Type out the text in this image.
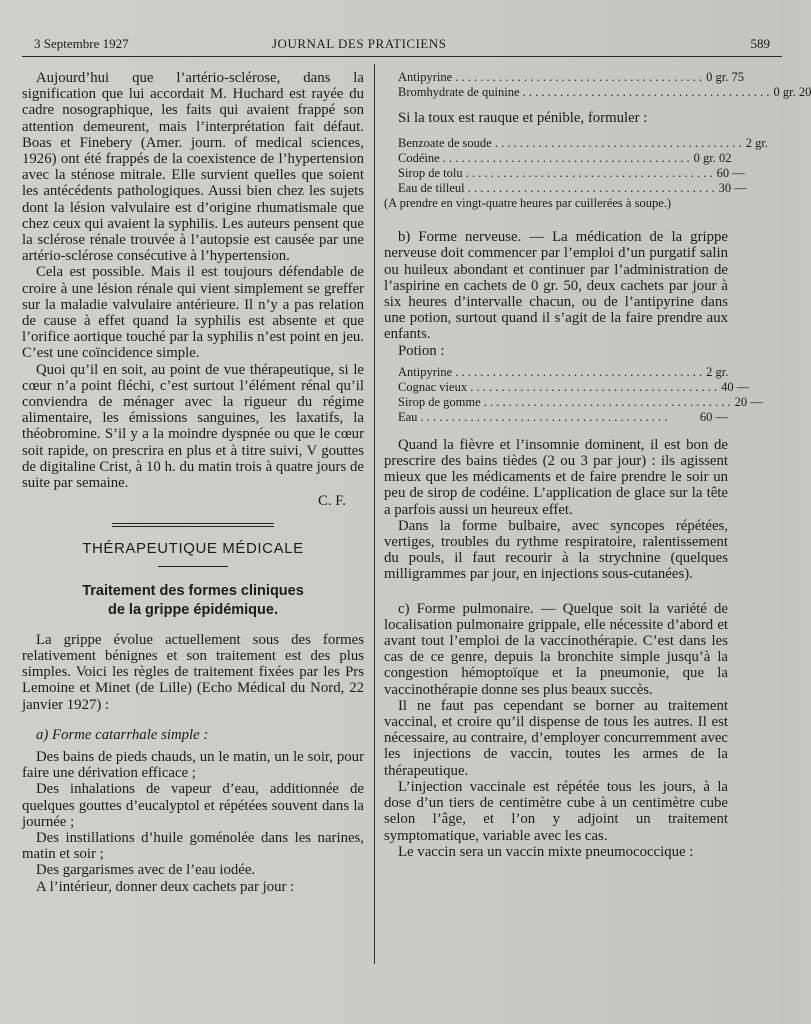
3 Septembre 1927	JOURNAL DES PRATICIENS	589

Aujourd’hui que l’artério-sclérose, dans la signification que lui accordait M. Huchard est rayée du cadre nosographique, les faits qui avaient frappé son attention demeurent, mais l’interprétation fait défaut. Boas et Finebery (Amer. journ. of medical sciences, 1926) ont été frappés de la coexistence de l’hypertension avec la sténose mitrale. Elle survient quelles que soient les antécédents pathologiques. Aussi bien chez les sujets dont la lésion valvulaire est d’origine rhumatismale que chez ceux qui avaient la syphilis. Les auteurs pensent que la sclérose rénale trouvée à l’autopsie est causée par une artério-sclérose consécutive à l’hypertension.

Cela est possible. Mais il est toujours défendable de croire à une lésion rénale qui vient simplement se greffer sur la maladie valvulaire antérieure. Il n’y a pas relation de cause à effet quand la syphilis est absente et que l’orifice aortique touché par la syphilis n’est point en jeu. C’est une coïncidence simple.

Quoi qu’il en soit, au point de vue thérapeutique, si le cœur n’a point fléchi, c’est surtout l’élément rénal qu’il conviendra de ménager avec la rigueur du régime alimentaire, les émissions sanguines, les laxatifs, la théobromine. S’il y a la moindre dyspnée ou que le cœur soit rapide, on prescrira en plus et à titre suivi, V gouttes de digitaline Crist, à 10 h. du matin trois à quatre jours de suite par semaine.

C. F.
THÉRAPEUTIQUE MÉDICALE
Traitement des formes cliniques
de la grippe épidémique.

La grippe évolue actuellement sous des formes relativement bénignes et son traitement est des plus simples. Voici les règles de traitement fixées par les Prs Lemoine et Minet (de Lille) (Echo Médical du Nord, 22 janvier 1927) :

a) Forme catarrhale simple :

Des bains de pieds chauds, un le matin, un le soir, pour faire une dérivation efficace ;

Des inhalations de vapeur d’eau, additionnée de quelques gouttes d’eucalyptol et répétées souvent dans la journée ;

Des instillations d’huile goménolée dans les narines, matin et soir ;

Des gargarismes avec de l’eau iodée.

A l’intérieur, donner deux cachets par jour :

Antipyrine . . . . . . . . . . . . . . . . . . . . . . . . . . . . . . . . . . . . . . . . 0 gr. 75
Bromhydrate de quinine . . . . . . . . . . . . . . . . . . . . . . . . . . . . . . . . . . . . . . . . 0 gr. 20

Si la toux est rauque et pénible, formuler :

Benzoate de soude . . . . . . . . . . . . . . . . . . . . . . . . . . . . . . . . . . . . . . . . 2 gr.
Codéine . . . . . . . . . . . . . . . . . . . . . . . . . . . . . . . . . . . . . . . . 0 gr. 02
Sirop de tolu . . . . . . . . . . . . . . . . . . . . . . . . . . . . . . . . . . . . . . . . 60 —
Eau de tilleul . . . . . . . . . . . . . . . . . . . . . . . . . . . . . . . . . . . . . . . . 30 —

(A prendre en vingt-quatre heures par cuillerées à soupe.)

b) Forme nerveuse. — La médication de la grippe nerveuse doit commencer par l’emploi d’un purgatif salin ou huileux abondant et continuer par l’administration de l’aspirine en cachets de 0 gr. 50, deux cachets par jour à six heures d’intervalle chacun, ou de l’antipyrine dans une potion, surtout quand il s’agit de la faire prendre aux enfants.

Potion :

Antipyrine . . . . . . . . . . . . . . . . . . . . . . . . . . . . . . . . . . . . . . . . 2 gr.
Cognac vieux . . . . . . . . . . . . . . . . . . . . . . . . . . . . . . . . . . . . . . . . 40 —
Sirop de gomme . . . . . . . . . . . . . . . . . . . . . . . . . . . . . . . . . . . . . . . . 20 —
Eau . . . . . . . . . . . . . . . . . . . . . . . . . . . . . . . . . . . . . . . .	60 —

Quand la fièvre et l’insomnie dominent, il est bon de prescrire des bains tièdes (2 ou 3 par jour) : ils agissent mieux que les médicaments et de faire prendre le soir un peu de sirop de codéine. L’application de glace sur la tête a parfois aussi un heureux effet.

Dans la forme bulbaire, avec syncopes répétées, vertiges, troubles du rythme respiratoire, ralentissement du pouls, il faut recourir à la strychnine (quelques milligrammes par jour, en injections sous-cutanées).

c) Forme pulmonaire. — Quelque soit la variété de localisation pulmonaire grippale, elle nécessite d’abord et avant tout l’emploi de la vaccinothérapie. C’est dans les cas de ce genre, depuis la bronchite simple jusqu’à la congestion hémoptoïque et la pneumonie, que la vaccinothérapie donne ses plus beaux succès.

Il ne faut pas cependant se borner au traitement vaccinal, et croire qu’il dispense de tous les autres. Il est nécessaire, au contraire, d’employer concurremment avec les injections de vaccin, toutes les armes de la thérapeutique.

L’injection vaccinale est répétée tous les jours, à la dose d’un tiers de centimètre cube à un centimètre cube selon l’âge, et l’on y adjoint un traitement symptomatique, variable avec les cas.

Le vaccin sera un vaccin mixte pneumococcique :
